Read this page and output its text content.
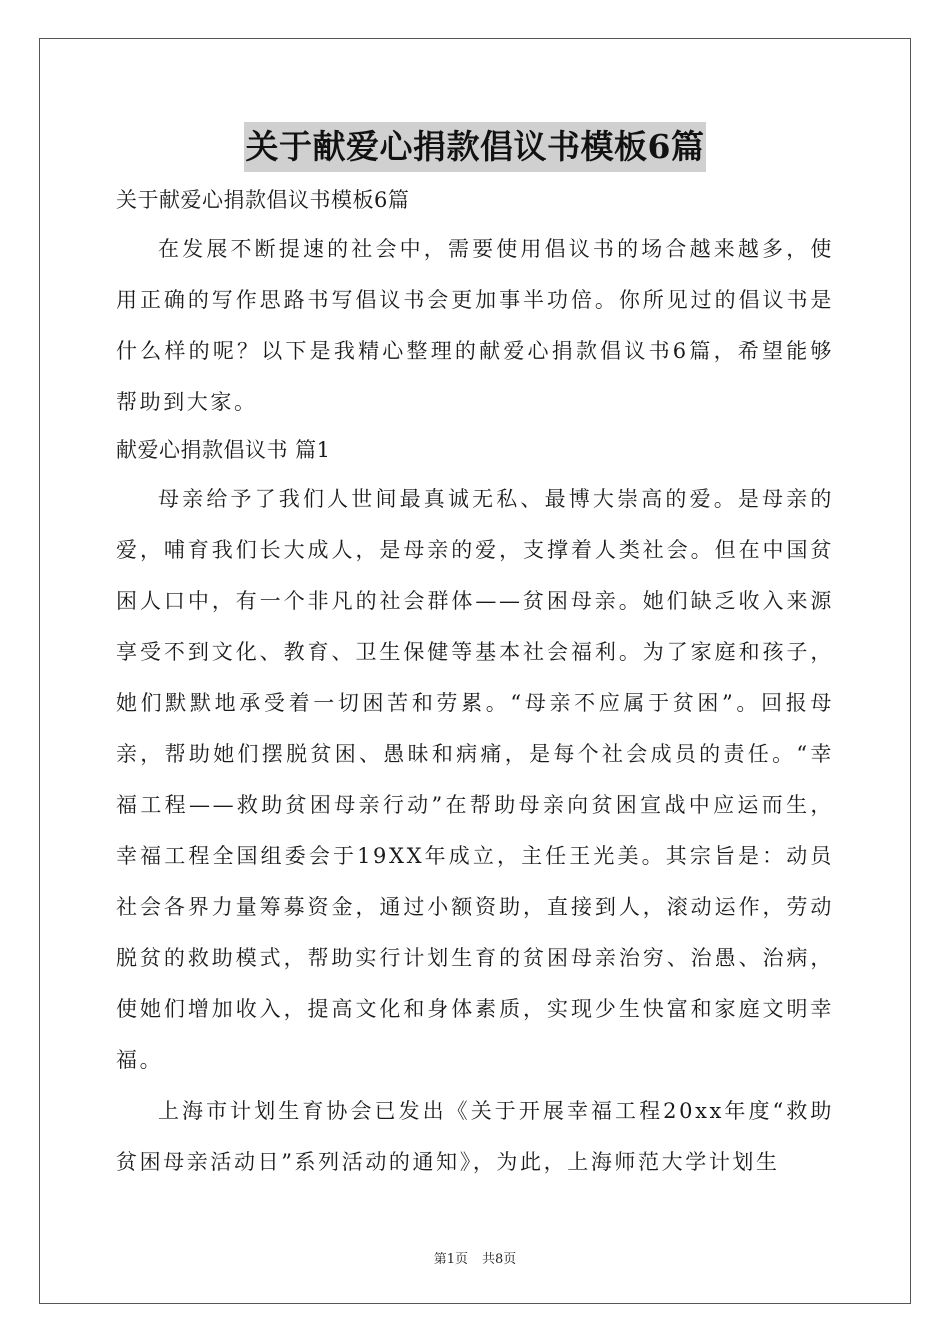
关于献爱心捐款倡议书模板6篇

关于献爱心捐款倡议书模板6篇

在发展不断提速的社会中，需要使用倡议书的场合越来越多，使用正确的写作思路书写倡议书会更加事半功倍。你所见过的倡议书是什么样的呢？以下是我精心整理的献爱心捐款倡议书6篇，希望能够帮助到大家。

献爱心捐款倡议书 篇1

母亲给予了我们人世间最真诚无私、最博大崇高的爱。是母亲的爱，哺育我们长大成人，是母亲的爱，支撑着人类社会。但在中国贫困人口中，有一个非凡的社会群体——贫困母亲。她们缺乏收入来源享受不到文化、教育、卫生保健等基本社会福利。为了家庭和孩子，她们默默地承受着一切困苦和劳累。“母亲不应属于贫困”。回报母亲，帮助她们摆脱贫困、愚昧和病痛，是每个社会成员的责任。“幸福工程——救助贫困母亲行动”在帮助母亲向贫困宣战中应运而生，幸福工程全国组委会于19XX年成立，主任王光美。其宗旨是：动员社会各界力量筹募资金，通过小额资助，直接到人，滚动运作，劳动脱贫的救助模式，帮助实行计划生育的贫困母亲治穷、治愚、治病，使她们增加收入，提高文化和身体素质，实现少生快富和家庭文明幸福。

上海市计划生育协会已发出《关于开展幸福工程20xx年度“救助贫困母亲活动日”系列活动的通知》，为此，上海师范大学计划生

第1页 共8页
